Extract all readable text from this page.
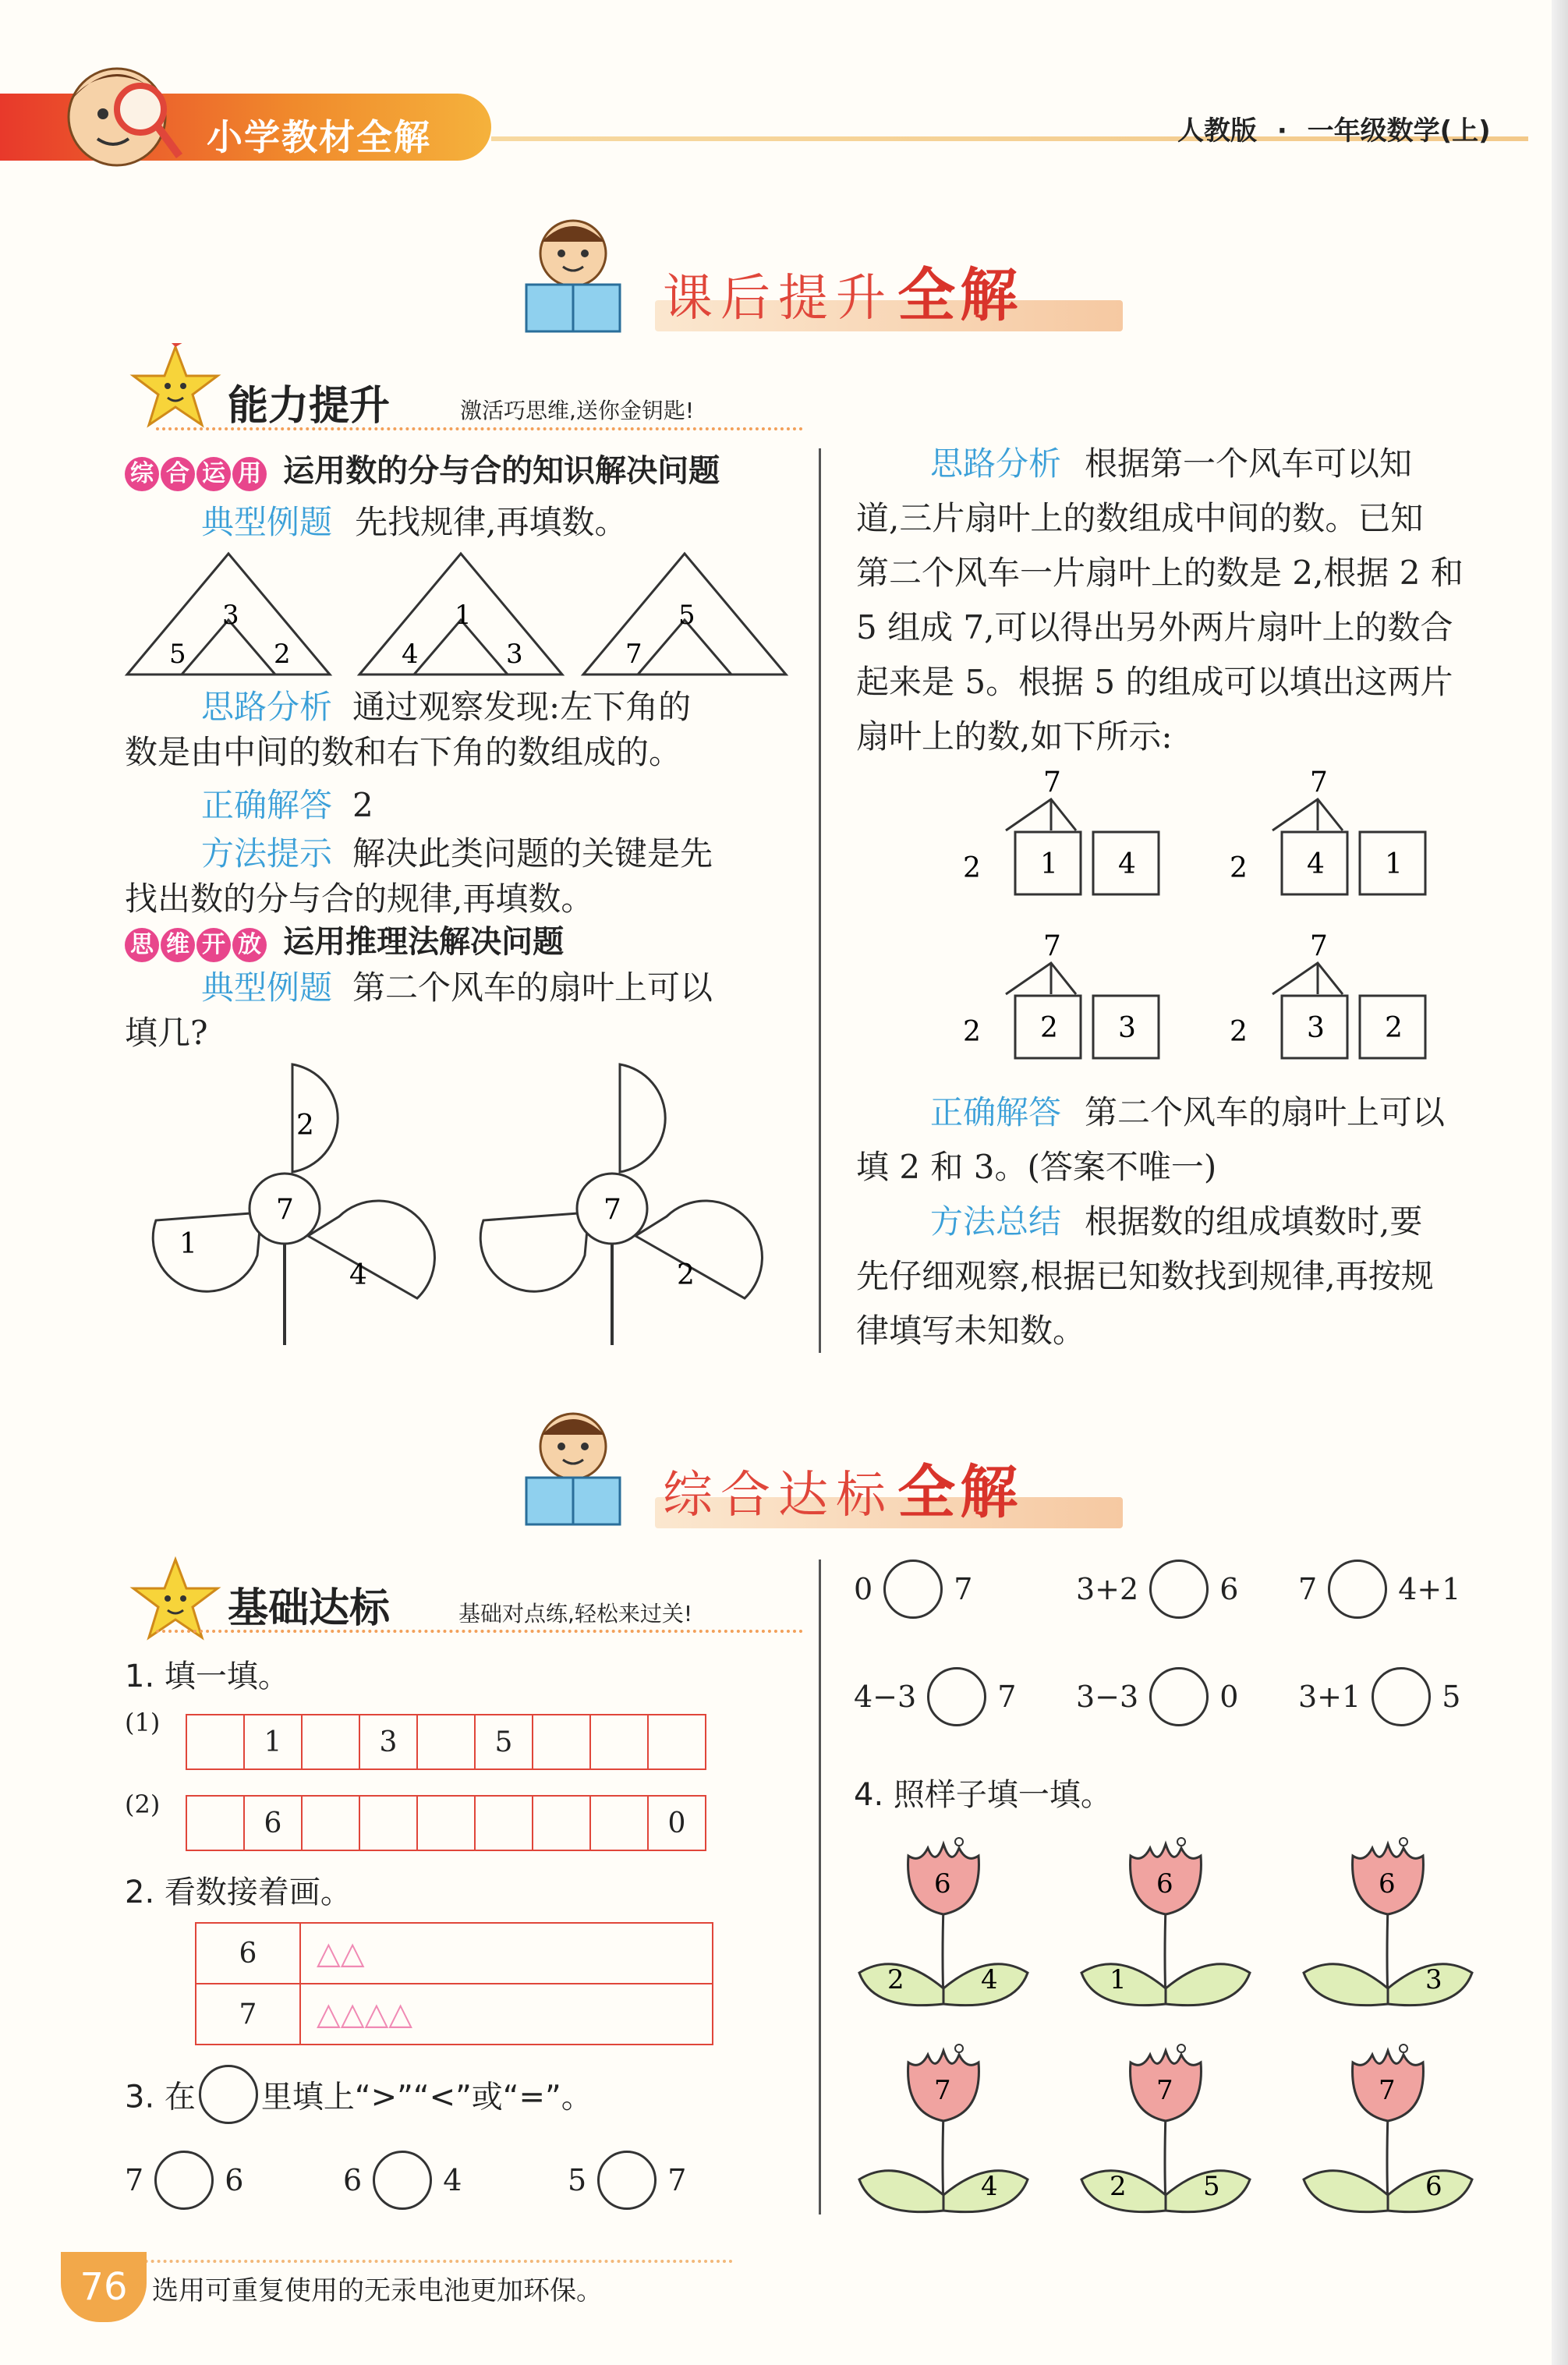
小学教材全解	人教版 · 一年级数学(上)
课后提升 全解
能力提升	激活巧思维,送你金钥匙!
综 合 运 用 运用数的分与合的知识解决问题
典型例题 先找规律,再填数。
3
5	2
1
4	3
5
7
思路分析 通过观察发现:左下角的
数是由中间的数和右下角的数组成的。
正确解答 2
方法提示 解决此类问题的关键是先
找出数的分与合的规律,再填数。
思 维 开 放 运用推理法解决问题
典型例题 第二个风车的扇叶上可以
填几?
7
2
1
4
7
2
思路分析 根据第一个风车可以知
道,三片扇叶上的数组成中间的数。已知
第二个风车一片扇叶上的数是 2,根据 2 和
5 组成 7,可以得出另外两片扇叶上的数合
起来是 5。根据 5 的组成可以填出这两片
扇叶上的数,如下所示:
7
2 1 4
7
2 4 1
7
2 2 3
7
2 3 2
正确解答 第二个风车的扇叶上可以
填 2 和 3。(答案不唯一)
方法总结 根据数的组成填数时,要
先仔细观察,根据已知数找到规律,再按规
律填写未知数。
综合达标 全解
基础达标	基础对点练,轻松来过关!
1. 填一填。
(1)
	1		3		5			
(2)
	6							0
2. 看数接着画。
6	△△
7	△△△△
3. 在 里填上“>”“<”或“=”。
7	6	6	4	5	7
0	7	3+2	6 7	4+1
4−3	7 3−3	0 3+1	5
4. 照样子填一填。
6
2	4
6
1
6
3
7
4
7
2	5
7
6
76 选用可重复使用的无汞电池更加环保。
